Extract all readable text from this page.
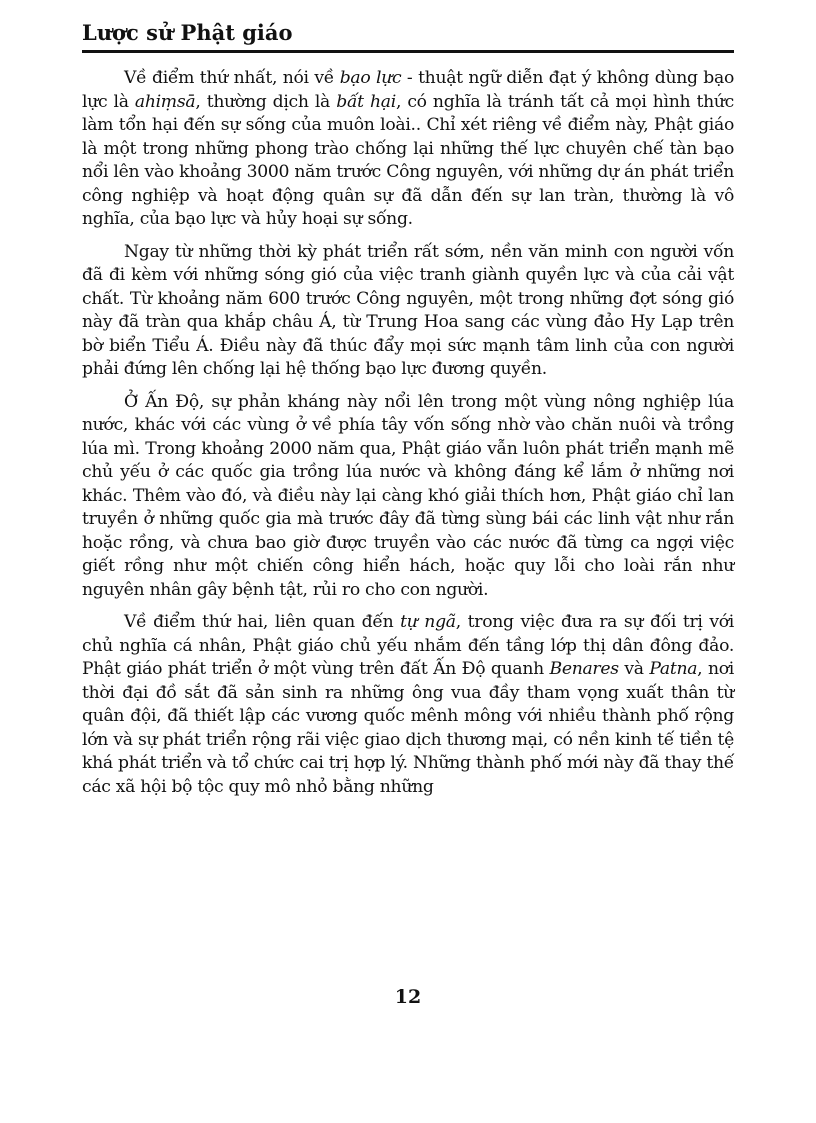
Lược sử Phật giáo

Về điểm thứ nhất, nói về bạo lực - thuật ngữ diễn đạt ý không dùng bạo lực là ahiṃsā, thường dịch là bất hại, có nghĩa là tránh tất cả mọi hình thức làm tổn hại đến sự sống của muôn loài.. Chỉ xét riêng về điểm này, Phật giáo là một trong những phong trào chống lại những thế lực chuyên chế tàn bạo nổi lên vào khoảng 3000 năm trước Công nguyên, với những dự án phát triển công nghiệp và hoạt động quân sự đã dẫn đến sự lan tràn, thường là vô nghĩa, của bạo lực và hủy hoại sự sống.

Ngay từ những thời kỳ phát triển rất sớm, nền văn minh con người vốn đã đi kèm với những sóng gió của việc tranh giành quyền lực và của cải vật chất. Từ khoảng năm 600 trước Công nguyên, một trong những đợt sóng gió này đã tràn qua khắp châu Á, từ Trung Hoa sang các vùng đảo Hy Lạp trên bờ biển Tiểu Á. Điều này đã thúc đẩy mọi sức mạnh tâm linh của con người phải đứng lên chống lại hệ thống bạo lực đương quyền.

Ở Ấn Độ, sự phản kháng này nổi lên trong một vùng nông nghiệp lúa nước, khác với các vùng ở về phía tây vốn sống nhờ vào chăn nuôi và trồng lúa mì. Trong khoảng 2000 năm qua, Phật giáo vẫn luôn phát triển mạnh mẽ chủ yếu ở các quốc gia trồng lúa nước và không đáng kể lắm ở những nơi khác. Thêm vào đó, và điều này lại càng khó giải thích hơn, Phật giáo chỉ lan truyền ở những quốc gia mà trước đây đã từng sùng bái các linh vật như rắn hoặc rồng, và chưa bao giờ được truyền vào các nước đã từng ca ngợi việc giết rồng như một chiến công hiển hách, hoặc quy lỗi cho loài rắn như nguyên nhân gây bệnh tật, rủi ro cho con người.

Về điểm thứ hai, liên quan đến tự ngã, trong việc đưa ra sự đối trị với chủ nghĩa cá nhân, Phật giáo chủ yếu nhắm đến tầng lớp thị dân đông đảo. Phật giáo phát triển ở một vùng trên đất Ấn Độ quanh Benares và Patna, nơi thời đại đồ sắt đã sản sinh ra những ông vua đầy tham vọng xuất thân từ quân đội, đã thiết lập các vương quốc mênh mông với nhiều thành phố rộng lớn và sự phát triển rộng rãi việc giao dịch thương mại, có nền kinh tế tiền tệ khá phát triển và tổ chức cai trị hợp lý. Những thành phố mới này đã thay thế các xã hội bộ tộc quy mô nhỏ bằng những

12
